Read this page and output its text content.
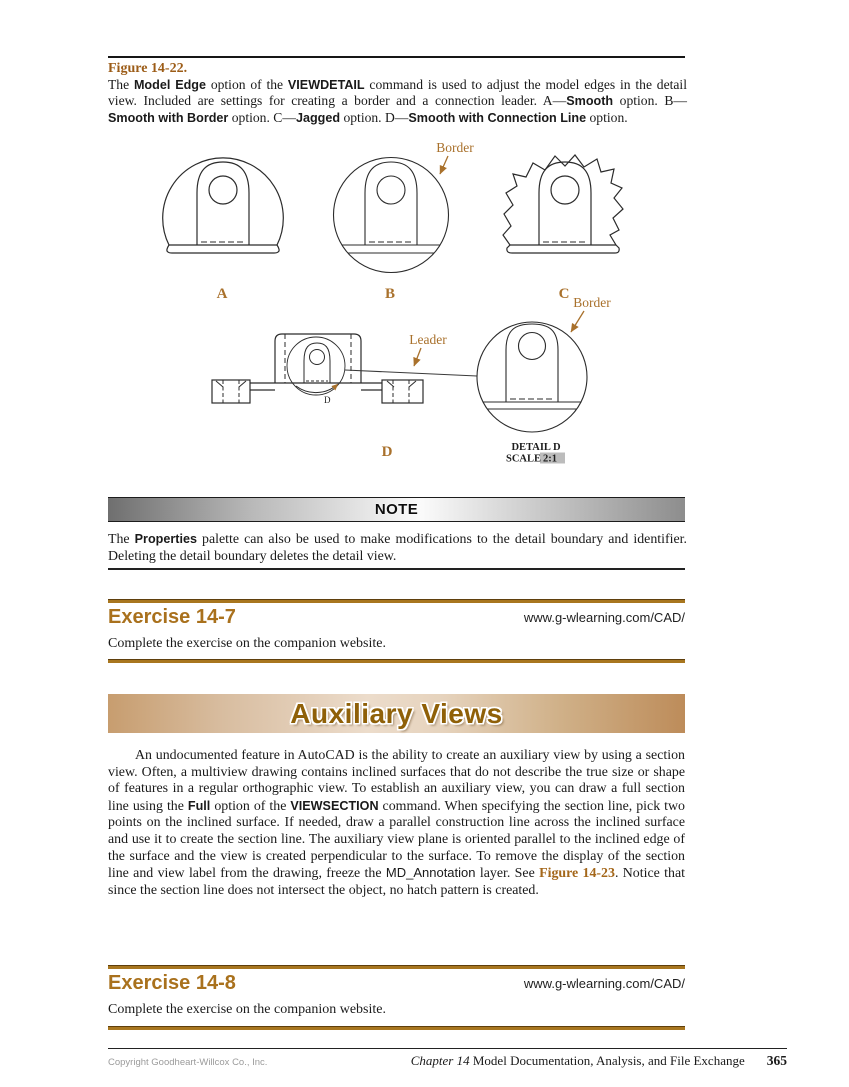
Figure 14-22.
The Model Edge option of the VIEWDETAIL command is used to adjust the model edges in the detail view. Included are settings for creating a border and a connection leader. A—Smooth option. B—Smooth with Border option. C—Jagged option. D—Smooth with Connection Line option.
A	B	C
Border
D
Leader
Border
DETAIL D
SCALE 2:1
D
NOTE
The Properties palette can also be used to make modifications to the detail boundary and identifier. Deleting the detail boundary deletes the detail view.
Exercise 14-7	www.g-wlearning.com/CAD/
Complete the exercise on the companion website.
Auxiliary Views
An undocumented feature in AutoCAD is the ability to create an auxiliary view by using a section view. Often, a multiview drawing contains inclined surfaces that do not describe the true size or shape of features in a regular orthographic view. To establish an auxiliary view, you can draw a full section line using the Full option of the VIEWSECTION command. When specifying the section line, pick two points on the inclined surface. If needed, draw a parallel construction line across the inclined surface and use it to create the section line. The auxiliary view plane is oriented parallel to the inclined edge of the surface and the view is created perpendicular to the surface. To remove the display of the section line and view label from the drawing, freeze the MD_Annotation layer. See Figure 14-23. Notice that since the section line does not intersect the object, no hatch pattern is created.
Exercise 14-8	www.g-wlearning.com/CAD/
Complete the exercise on the companion website.
Copyright Goodheart-Willcox Co., Inc.	Chapter 14 Model Documentation, Analysis, and File Exchange 365
